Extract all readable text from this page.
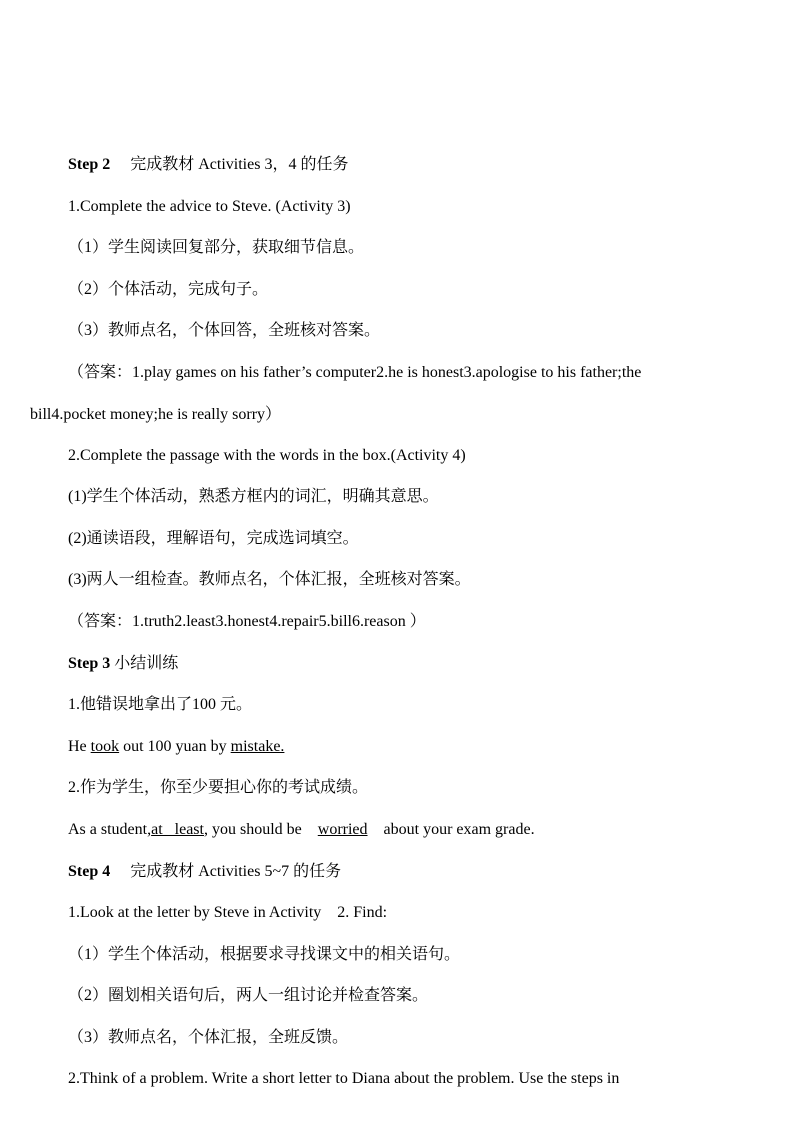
Step 2 完成教材 Activities 3，4 的任务
1.Complete the advice to Steve. (Activity 3)
（1）学生阅读回复部分，获取细节信息。
（2）个体活动，完成句子。
（3）教师点名，个体回答，全班核对答案。
（答案：1.play games on his father’s computer2.he is honest3.apologise to his father;the
bill4.pocket money;he is really sorry）
2.Complete the passage with the words in the box.(Activity 4)
(1)学生个体活动，熟悉方框内的词汇，明确其意思。
(2)通读语段，理解语句，完成选词填空。
(3)两人一组检查。教师点名，个体汇报，全班核对答案。
（答案：1.truth2.least3.honest4.repair5.bill6.reason ）
Step 3 小结训练
1.他错误地拿出了100 元。
He took out 100 yuan by mistake.
2.作为学生，你至少要担心你的考试成绩。
As a student,at   least, you should be worried about your exam grade.
Step 4 完成教材 Activities 5~7 的任务
1.Look at the letter by Steve in Activity    2. Find:
（1）学生个体活动，根据要求寻找课文中的相关语句。
（2）圈划相关语句后，两人一组讨论并检查答案。
（3）教师点名，个体汇报，全班反馈。
2.Think of a problem. Write a short letter to Diana about the problem. Use the steps in
